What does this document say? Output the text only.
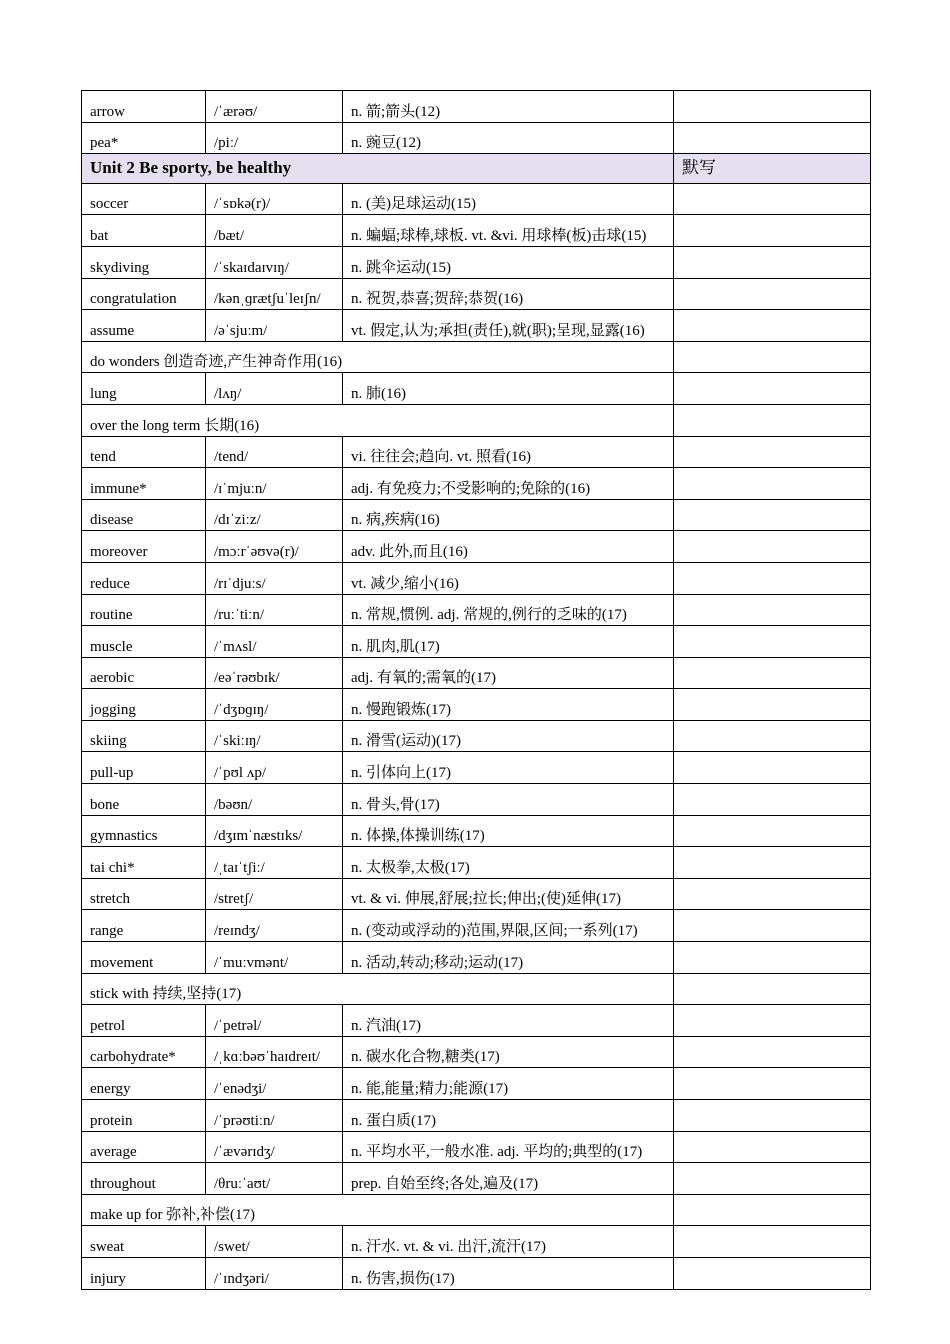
arrow	/ˈærəʊ/	n. 箭;箭头(12)	
pea*	/piː/	n. 豌豆(12)	
Unit 2 Be sporty, be healthy			默写
soccer	/ˈsɒkə(r)/	n. (美)足球运动(15)	
bat	/bæt/	n. 蝙蝠;球棒,球板. vt. &vi. 用球棒(板)击球(15)	
skydiving	/ˈskaɪdaɪvɪŋ/	n. 跳伞运动(15)	
congratulation	/kənˌɡrætʃuˈleɪʃn/	n. 祝贺,恭喜;贺辞;恭贺(16)	
assume	/əˈsjuːm/	vt. 假定,认为;承担(责任),就(职);呈现,显露(16)	
do wonders 创造奇迹,产生神奇作用(16)			
lung	/lʌŋ/	n. 肺(16)	
over the long term 长期(16)			
tend	/tend/	vi. 往往会;趋向. vt. 照看(16)	
immune*	/ɪˈmjuːn/	adj. 有免疫力;不受影响的;免除的(16)	
disease	/dɪˈziːz/	n. 病,疾病(16)	
moreover	/mɔːrˈəʊvə(r)/	adv. 此外,而且(16)	
reduce	/rɪˈdjuːs/	vt. 减少,缩小(16)	
routine	/ruːˈtiːn/	n. 常规,惯例. adj. 常规的,例行的乏味的(17)	
muscle	/ˈmʌsl/	n. 肌肉,肌(17)	
aerobic	/eəˈrəʊbɪk/	adj. 有氧的;需氧的(17)	
jogging	/ˈdʒɒɡɪŋ/	n. 慢跑锻炼(17)	
skiing	/ˈskiːɪŋ/	n. 滑雪(运动)(17)	
pull-up	/ˈpʊl ʌp/	n. 引体向上(17)	
bone	/bəʊn/	n. 骨头,骨(17)	
gymnastics	/dʒɪmˈnæstɪks/	n. 体操,体操训练(17)	
tai chi*	/ˌtaɪˈtʃiː/	n. 太极拳,太极(17)	
stretch	/stretʃ/	vt. & vi. 伸展,舒展;拉长;伸出;(使)延伸(17)	
range	/reɪndʒ/	n. (变动或浮动的)范围,界限,区间;一系列(17)	
movement	/ˈmuːvmənt/	n. 活动,转动;移动;运动(17)	
stick with 持续,坚持(17)			
petrol	/ˈpetrəl/	n. 汽油(17)	
carbohydrate*	/ˌkɑːbəʊˈhaɪdreɪt/	n. 碳水化合物,糖类(17)	
energy	/ˈenədʒi/	n. 能,能量;精力;能源(17)	
protein	/ˈprəʊtiːn/	n. 蛋白质(17)	
average	/ˈævərɪdʒ/	n. 平均水平,一般水准. adj. 平均的;典型的(17)	
throughout	/θruːˈaʊt/	prep. 自始至终;各处,遍及(17)	
make up for 弥补,补偿(17)			
sweat	/swet/	n. 汗水. vt. & vi. 出汗,流汗(17)	
injury	/ˈɪndʒəri/	n. 伤害,损伤(17)	
